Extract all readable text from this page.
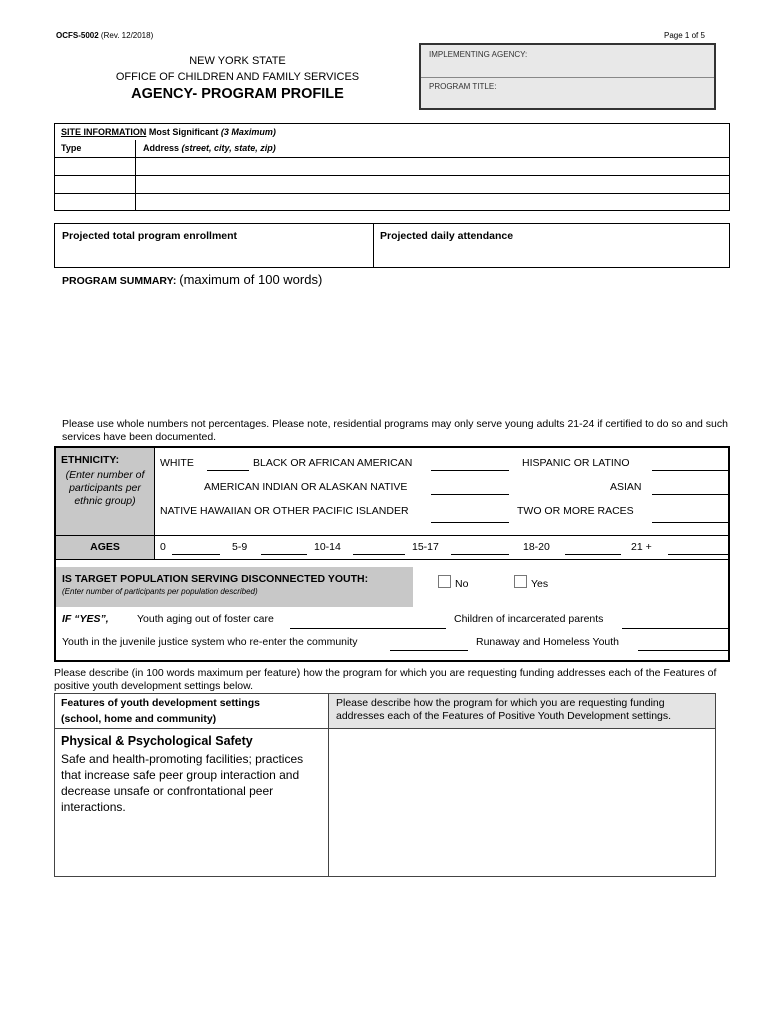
OCFS-5002 (Rev. 12/2018)	Page 1 of 5
NEW YORK STATE
OFFICE OF CHILDREN AND FAMILY SERVICES
AGENCY- PROGRAM PROFILE
IMPLEMENTING AGENCY:
PROGRAM TITLE:
SITE INFORMATION Most Significant (3 Maximum)
Type	Address (street, city, state, zip)
Projected total program enrollment	Projected daily attendance
PROGRAM SUMMARY: (maximum of 100 words)
Please use whole numbers not percentages. Please note, residential programs may only serve young adults 21-24 if certified to do so and such services have been documented.
ETHNICITY:
(Enter number of participants per ethnic group)
WHITE	BLACK OR AFRICAN AMERICAN	HISPANIC OR LATINO
AMERICAN INDIAN OR ALASKAN NATIVE	ASIAN
NATIVE HAWAIIAN OR OTHER PACIFIC ISLANDER	TWO OR MORE RACES
AGES	0	5-9	10-14	15-17	18-20	21 +
IS TARGET POPULATION SERVING DISCONNECTED YOUTH:
(Enter number of participants per population described)
No	Yes
IF “YES”,	Youth aging out of foster care	Children of incarcerated parents
Youth in the juvenile justice system who re-enter the community	Runaway and Homeless Youth
Please describe (in 100 words maximum per feature) how the program for which you are requesting funding addresses each of the Features of positive youth development settings below.
Features of youth development settings
(school, home and community)
Please describe how the program for which you are requesting funding addresses each of the Features of Positive Youth Development settings.
Physical & Psychological Safety
Safe and health-promoting facilities; practices that increase safe peer group interaction and decrease unsafe or confrontational peer interactions.
